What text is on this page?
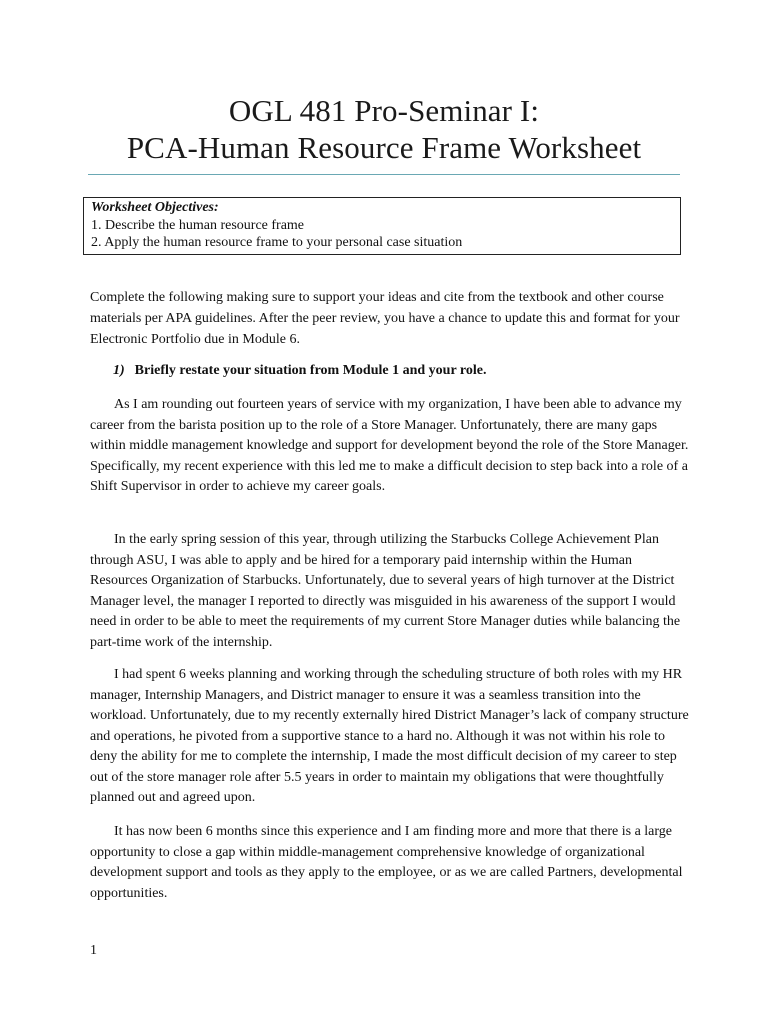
OGL 481 Pro-Seminar I:
PCA-Human Resource Frame Worksheet
Worksheet Objectives:
1. Describe the human resource frame
2. Apply the human resource frame to your personal case situation
Complete the following making sure to support your ideas and cite from the textbook and other course materials per APA guidelines. After the peer review, you have a chance to update this and format for your Electronic Portfolio due in Module 6.
1) Briefly restate your situation from Module 1 and your role.
As I am rounding out fourteen years of service with my organization, I have been able to advance my career from the barista position up to the role of a Store Manager. Unfortunately, there are many gaps within middle management knowledge and support for development beyond the role of the Store Manager. Specifically, my recent experience with this led me to make a difficult decision to step back into a role of a Shift Supervisor in order to achieve my career goals.
In the early spring session of this year, through utilizing the Starbucks College Achievement Plan through ASU, I was able to apply and be hired for a temporary paid internship within the Human Resources Organization of Starbucks. Unfortunately, due to several years of high turnover at the District Manager level, the manager I reported to directly was misguided in his awareness of the support I would need in order to be able to meet the requirements of my current Store Manager duties while balancing the part-time work of the internship.
I had spent 6 weeks planning and working through the scheduling structure of both roles with my HR manager, Internship Managers, and District manager to ensure it was a seamless transition into the workload. Unfortunately, due to my recently externally hired District Manager’s lack of company structure and operations, he pivoted from a supportive stance to a hard no. Although it was not within his role to deny the ability for me to complete the internship, I made the most difficult decision of my career to step out of the store manager role after 5.5 years in order to maintain my obligations that were thoughtfully planned out and agreed upon.
It has now been 6 months since this experience and I am finding more and more that there is a large opportunity to close a gap within middle-management comprehensive knowledge of organizational development support and tools as they apply to the employee, or as we are called Partners, developmental opportunities.
1
